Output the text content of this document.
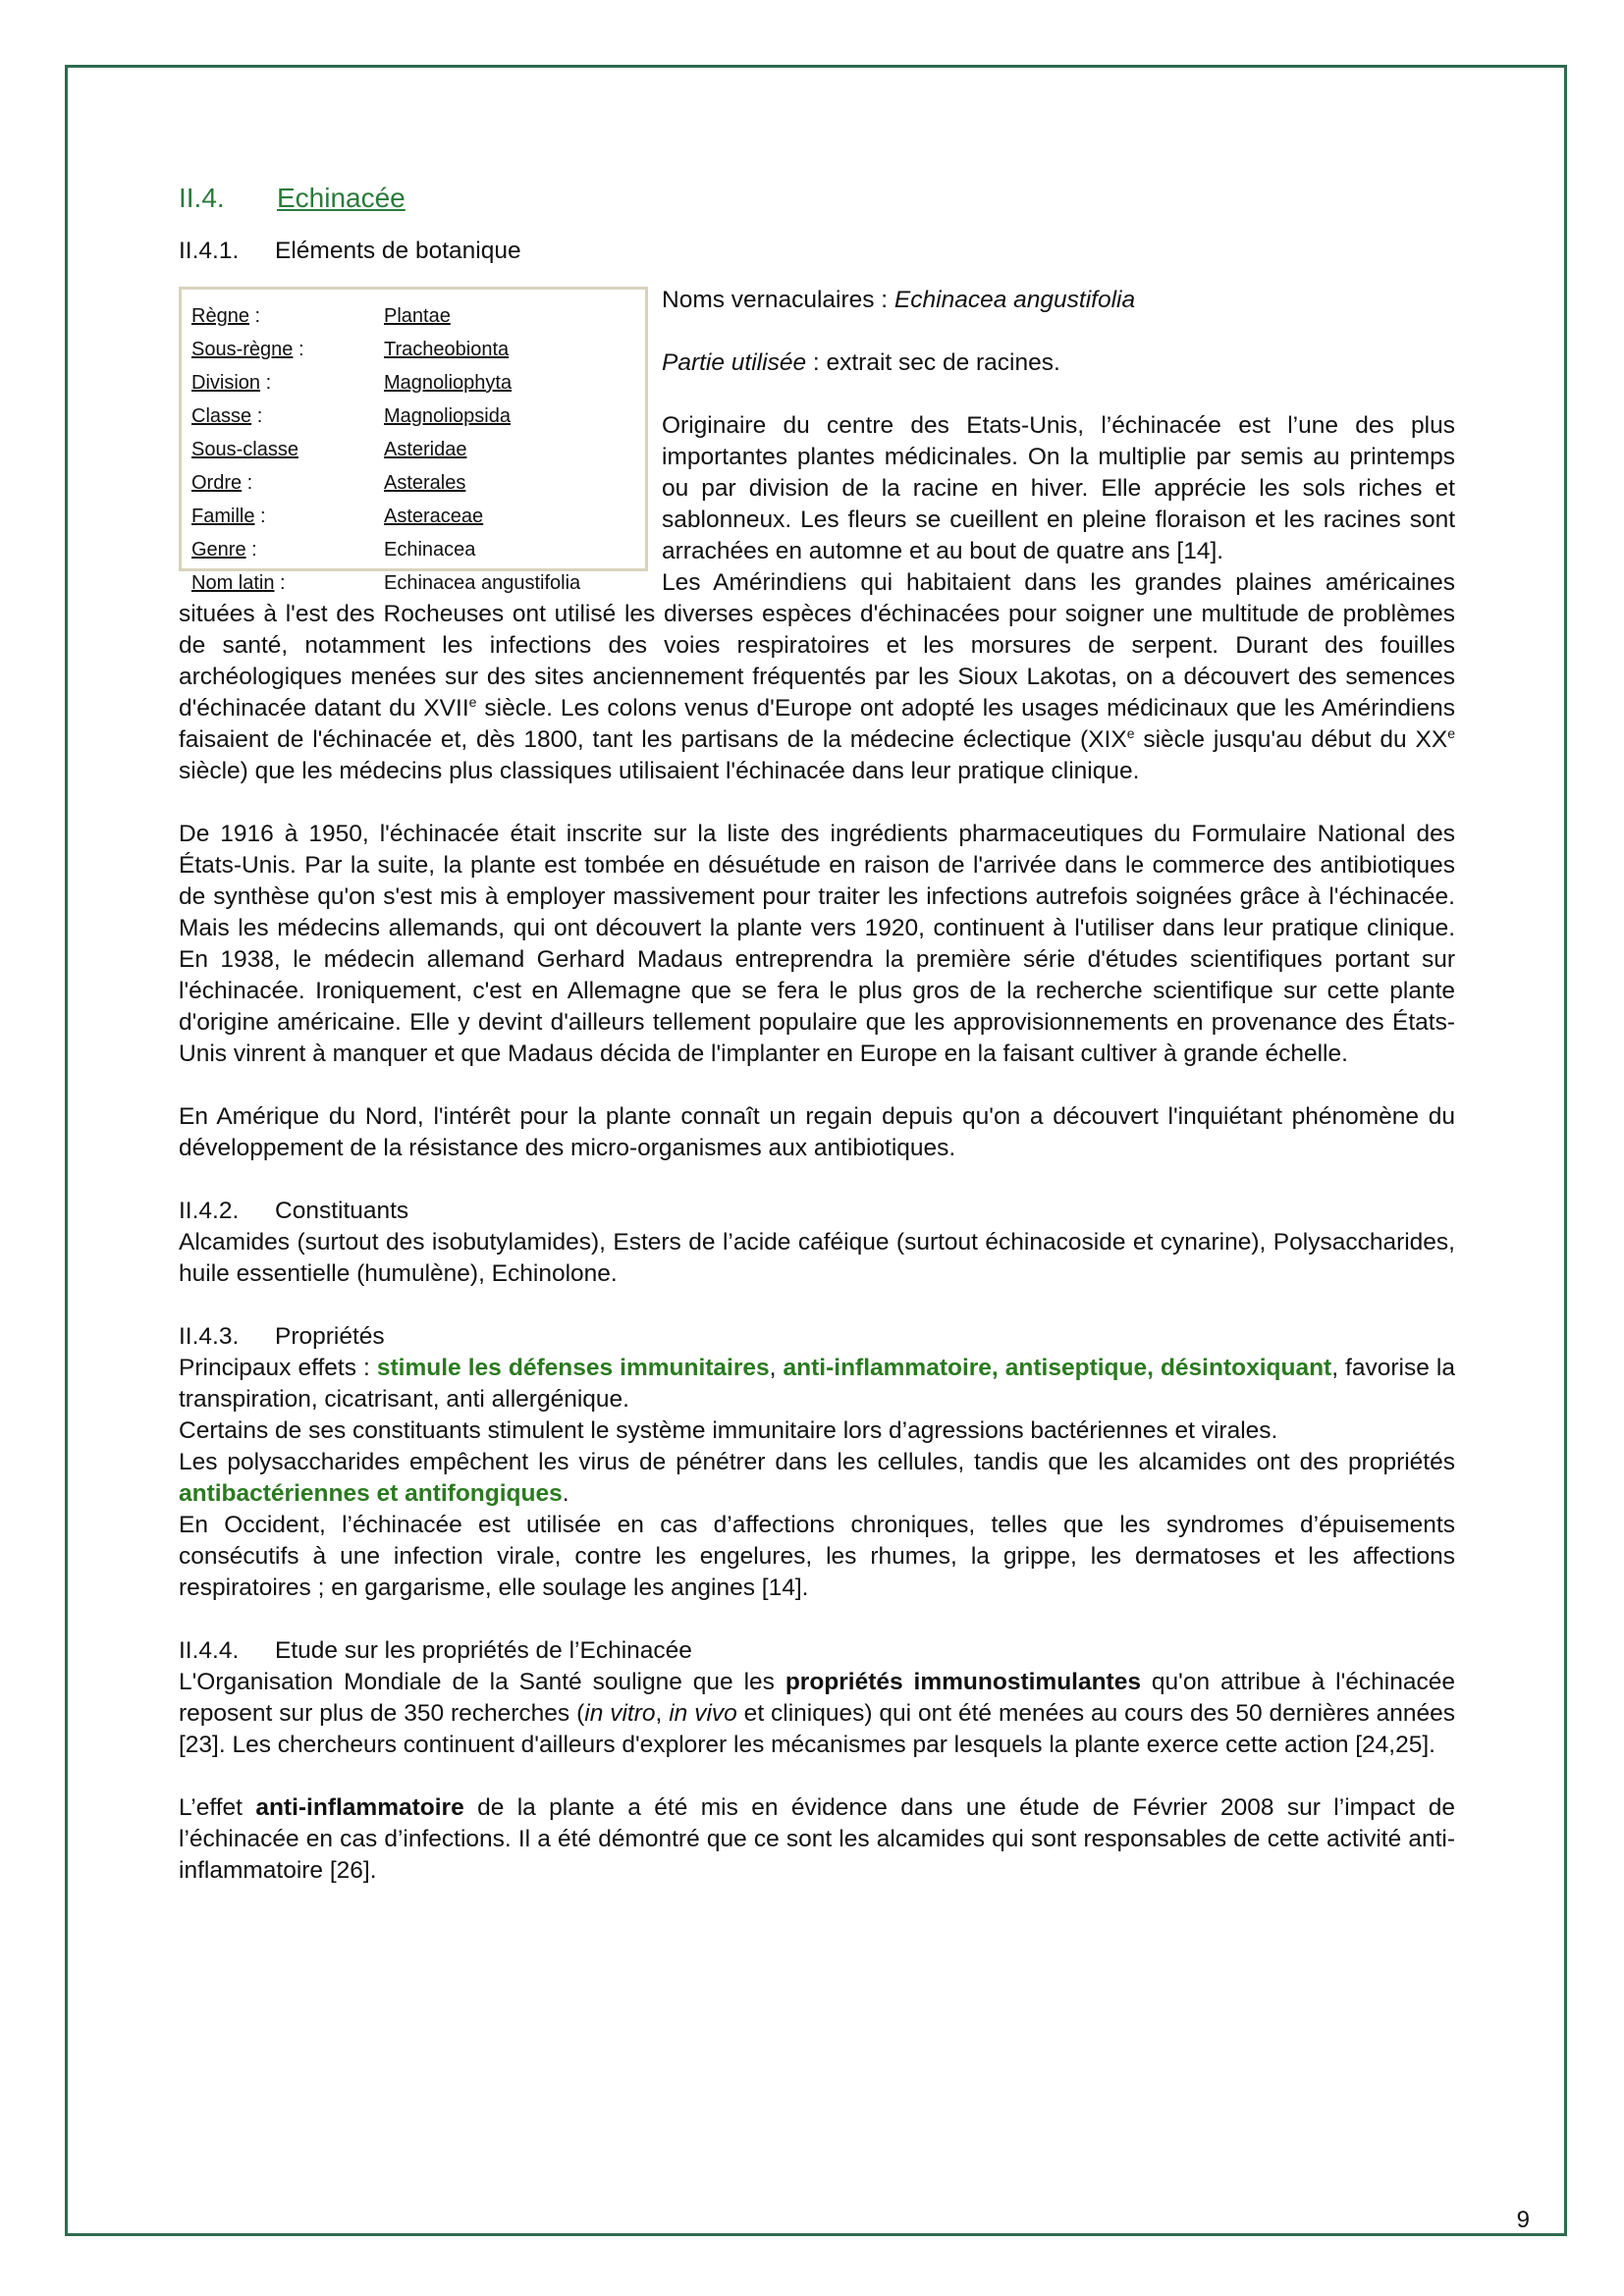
II.4. Echinacée

II.4.1. Eléments de botanique

Règne :	Plantae
Sous-règne :	Tracheobionta
Division :	Magnoliophyta
Classe :	Magnoliopsida
Sous-classe	Asteridae
Ordre :	Asterales
Famille :	Asteraceae
Genre :	Echinacea
Nom latin :	Echinacea angustifolia

Noms vernaculaires : Echinacea angustifolia

Partie utilisée : extrait sec de racines.

Originaire du centre des Etats-Unis, l’échinacée est l’une des plus importantes plantes médicinales. On la multiplie par semis au printemps ou par division de la racine en hiver. Elle apprécie les sols riches et sablonneux. Les fleurs se cueillent en pleine floraison et les racines sont arrachées en automne et au bout de quatre ans [14].

Les Amérindiens qui habitaient dans les grandes plaines américaines situées à l'est des Rocheuses ont utilisé les diverses espèces d'échinacées pour soigner une multitude de problèmes de santé, notamment les infections des voies respiratoires et les morsures de serpent. Durant des fouilles archéologiques menées sur des sites anciennement fréquentés par les Sioux Lakotas, on a découvert des semences d'échinacée datant du XVIIe siècle. Les colons venus d'Europe ont adopté les usages médicinaux que les Amérindiens faisaient de l'échinacée et, dès 1800, tant les partisans de la médecine éclectique (XIXe siècle jusqu'au début du XXe siècle) que les médecins plus classiques utilisaient l'échinacée dans leur pratique clinique.

De 1916 à 1950, l'échinacée était inscrite sur la liste des ingrédients pharmaceutiques du Formulaire National des États-Unis. Par la suite, la plante est tombée en désuétude en raison de l'arrivée dans le commerce des antibiotiques de synthèse qu'on s'est mis à employer massivement pour traiter les infections autrefois soignées grâce à l'échinacée. Mais les médecins allemands, qui ont découvert la plante vers 1920, continuent à l'utiliser dans leur pratique clinique. En 1938, le médecin allemand Gerhard Madaus entreprendra la première série d'études scientifiques portant sur l'échinacée. Ironiquement, c'est en Allemagne que se fera le plus gros de la recherche scientifique sur cette plante d'origine américaine. Elle y devint d'ailleurs tellement populaire que les approvisionnements en provenance des États-Unis vinrent à manquer et que Madaus décida de l'implanter en Europe en la faisant cultiver à grande échelle.

En Amérique du Nord, l'intérêt pour la plante connaît un regain depuis qu'on a découvert l'inquiétant phénomène du développement de la résistance des micro-organismes aux antibiotiques.

II.4.2. Constituants

Alcamides (surtout des isobutylamides), Esters de l’acide caféique (surtout échinacoside et cynarine), Polysaccharides, huile essentielle (humulène), Echinolone.

II.4.3. Propriétés

Principaux effets : stimule les défenses immunitaires, anti-inflammatoire, antiseptique, désintoxiquant, favorise la transpiration, cicatrisant, anti allergénique.

Certains de ses constituants stimulent le système immunitaire lors d’agressions bactériennes et virales.

Les polysaccharides empêchent les virus de pénétrer dans les cellules, tandis que les alcamides ont des propriétés antibactériennes et antifongiques.

En Occident, l’échinacée est utilisée en cas d’affections chroniques, telles que les syndromes d’épuisements consécutifs à une infection virale, contre les engelures, les rhumes, la grippe, les dermatoses et les affections respiratoires ; en gargarisme, elle soulage les angines [14].

II.4.4. Etude sur les propriétés de l’Echinacée

L'Organisation Mondiale de la Santé souligne que les propriétés immunostimulantes qu'on attribue à l'échinacée reposent sur plus de 350 recherches (in vitro, in vivo et cliniques) qui ont été menées au cours des 50 dernières années [23]. Les chercheurs continuent d'ailleurs d'explorer les mécanismes par lesquels la plante exerce cette action [24,25].

L’effet anti-inflammatoire de la plante a été mis en évidence dans une étude de Février 2008 sur l’impact de l’échinacée en cas d’infections. Il a été démontré que ce sont les alcamides qui sont responsables de cette activité anti-inflammatoire [26].

9
